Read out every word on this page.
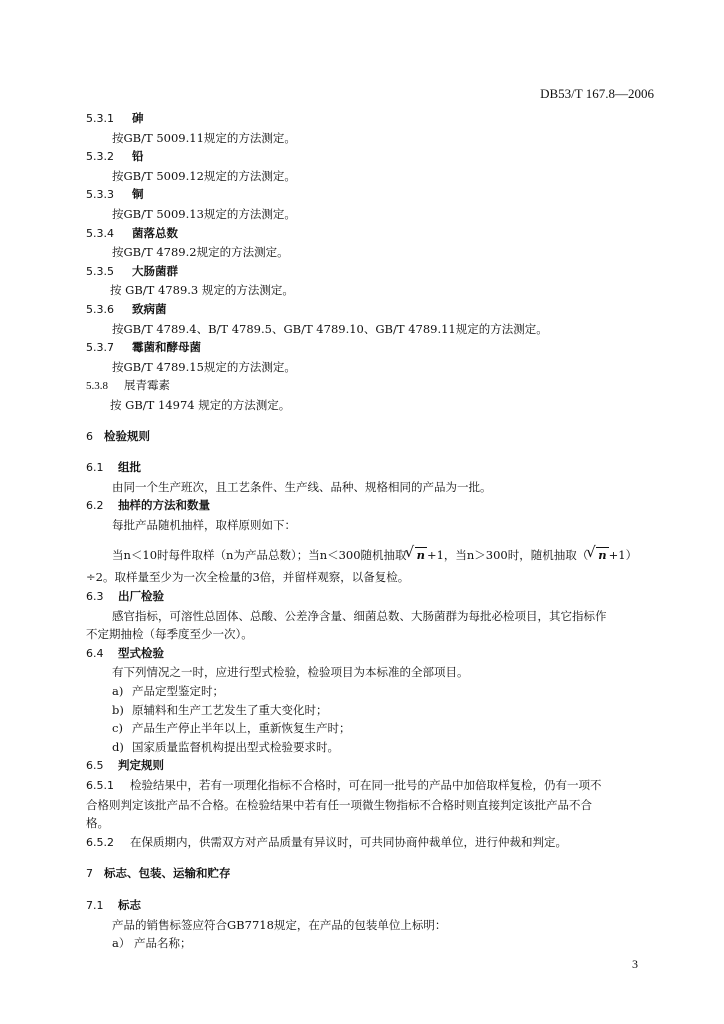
DB53/T 167.8—2006
5.3.1 砷
按GB/T 5009.11规定的方法测定。
5.3.2 铅
按GB/T 5009.12规定的方法测定。
5.3.3 铜
按GB/T 5009.13规定的方法测定。
5.3.4 菌落总数
按GB/T 4789.2规定的方法测定。
5.3.5 大肠菌群
按 GB/T 4789.3 规定的方法测定。
5.3.6 致病菌
按GB/T 4789.4、B/T 4789.5、GB/T 4789.10、GB/T 4789.11规定的方法测定。
5.3.7 霉菌和酵母菌
按GB/T 4789.15规定的方法测定。
5.3.8 展青霉素
按 GB/T 14974 规定的方法测定。
6 检验规则
6.1 组批
由同一个生产班次，且工艺条件、生产线、品种、规格相同的产品为一批。
6.2 抽样的方法和数量
每批产品随机抽样，取样原则如下：
当n＜10时每件取样（n为产品总数）；当n＜300随机抽取 √ n +1，当n＞300时，随机抽取（ √ n +1）
÷2。取样量至少为一次全检量的3倍，并留样观察，以备复检。
6.3 出厂检验
感官指标，可溶性总固体、总酸、公差净含量、细菌总数、大肠菌群为每批必检项目，其它指标作
不定期抽检（每季度至少一次）。
6.4 型式检验
有下列情况之一时，应进行型式检验，检验项目为本标准的全部项目。
a) 产品定型鉴定时；
b) 原辅料和生产工艺发生了重大变化时；
c) 产品生产停止半年以上，重新恢复生产时；
d) 国家质量监督机构提出型式检验要求时。
6.5 判定规则
6.5.1 检验结果中，若有一项理化指标不合格时，可在同一批号的产品中加倍取样复检，仍有一项不
合格则判定该批产品不合格。在检验结果中若有任一项微生物指标不合格时则直接判定该批产品不合
格。
6.5.2 在保质期内，供需双方对产品质量有异议时，可共同协商仲裁单位，进行仲裁和判定。
7 标志、包装、运输和贮存
7.1 标志
产品的销售标签应符合GB7718规定，在产品的包装单位上标明：
a） 产品名称；
3
